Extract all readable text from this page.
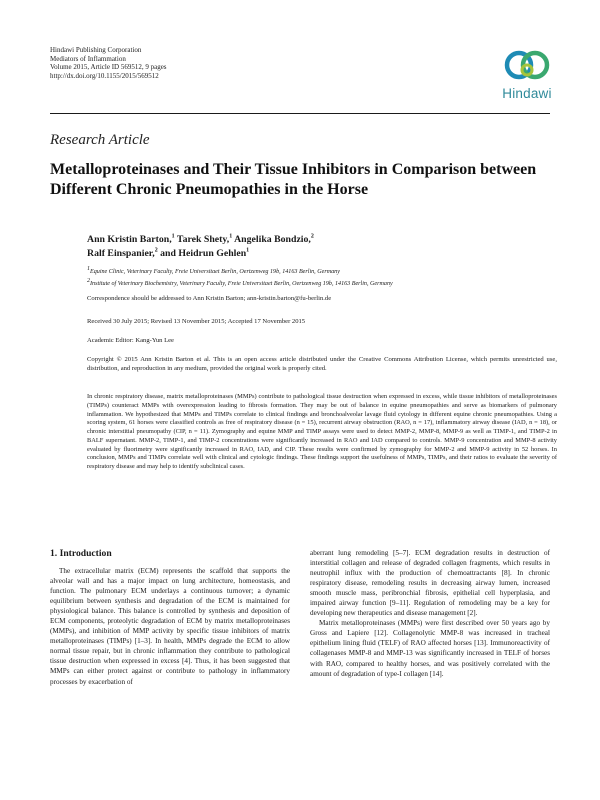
Hindawi Publishing Corporation
Mediators of Inflammation
Volume 2015, Article ID 569512, 9 pages
http://dx.doi.org/10.1155/2015/569512
Hindawi
Research Article
Metalloproteinases and Their Tissue Inhibitors in Comparison between Different Chronic Pneumopathies in the Horse
Ann Kristin Barton,$^1$ Tarek Shety,$^1$ Angelika Bondzio,$^2$
Ralf Einspanier,$^2$ and Heidrun Gehlen$^1$
$^1$Equine Clinic, Veterinary Faculty, Freie Universitaet Berlin, Oertzenweg 19b, 14163 Berlin, Germany
$^2$Institute of Veterinary Biochemistry, Veterinary Faculty, Freie Universitaet Berlin, Oertzenweg 19b, 14163 Berlin, Germany
Correspondence should be addressed to Ann Kristin Barton; ann-kristin.barton@fu-berlin.de
Received 30 July 2015; Revised 13 November 2015; Accepted 17 November 2015
Academic Editor: Kang-Yun Lee
Copyright © 2015 Ann Kristin Barton et al. This is an open access article distributed under the Creative Commons Attribution License, which permits unrestricted use, distribution, and reproduction in any medium, provided the original work is properly cited.
In chronic respiratory disease, matrix metalloproteinases (MMPs) contribute to pathological tissue destruction when expressed in excess, while tissue inhibitors of metalloproteinases (TIMPs) counteract MMPs with overexpression leading to fibrosis formation. They may be out of balance in equine pneumopathies and serve as biomarkers of pulmonary inflammation. We hypothesized that MMPs and TIMPs correlate to clinical findings and bronchoalveolar lavage fluid cytology in different equine chronic pneumopathies. Using a scoring system, 61 horses were classified controls as free of respiratory disease (n = 15), recurrent airway obstruction (RAO, n = 17), inflammatory airway disease (IAD, n = 18), or chronic interstitial pneumopathy (CIP, n = 11). Zymography and equine MMP and TIMP assays were used to detect MMP-2, MMP-8, MMP-9 as well as TIMP-1, and TIMP-2 in BALF supernatant. MMP-2, TIMP-1, and TIMP-2 concentrations were significantly increased in RAO and IAD compared to controls. MMP-9 concentration and MMP-8 activity evaluated by fluorimetry were significantly increased in RAO, IAD, and CIP. These results were confirmed by zymography for MMP-2 and MMP-9 activity in 52 horses. In conclusion, MMPs and TIMPs correlate well with clinical and cytologic findings. These findings support the usefulness of MMPs, TIMPs, and their ratios to evaluate the severity of respiratory disease and may help to identify subclinical cases.
1. Introduction
The extracellular matrix (ECM) represents the scaffold that supports the alveolar wall and has a major impact on lung architecture, homeostasis, and function. The pulmonary ECM underlays a continuous turnover; a dynamic equilibrium between synthesis and degradation of the ECM is maintained for physiological balance. This balance is controlled by synthesis and deposition of ECM components, proteolytic degradation of ECM by matrix metalloproteinases (MMPs), and inhibition of MMP activity by specific tissue inhibitors of matrix metalloproteinases (TIMPs) [1–3]. In health, MMPs degrade the ECM to allow normal tissue repair, but in chronic inflammation they contribute to pathological tissue destruction when expressed in excess [4]. Thus, it has been suggested that MMPs can either protect against or contribute to pathology in inflammatory processes by exacerbation of

aberrant lung remodeling [5–7]. ECM degradation results in destruction of interstitial collagen and release of degraded collagen fragments, which results in neutrophil influx with the production of chemoattractants [8]. In chronic respiratory disease, remodeling results in decreasing airway lumen, increased smooth muscle mass, peribronchial fibrosis, epithelial cell hyperplasia, and impaired airway function [9–11]. Regulation of remodeling may be a key for developing new therapeutics and disease management [2].

Matrix metalloproteinases (MMPs) were first described over 50 years ago by Gross and Lapiere [12]. Collagenolytic MMP-8 was increased in tracheal epithelium lining fluid (TELF) of RAO affected horses [13]. Immunoreactivity of collagenases MMP-8 and MMP-13 was significantly increased in TELF of horses with RAO, compared to healthy horses, and was positively correlated with the amount of degradation of type-I collagen [14].
